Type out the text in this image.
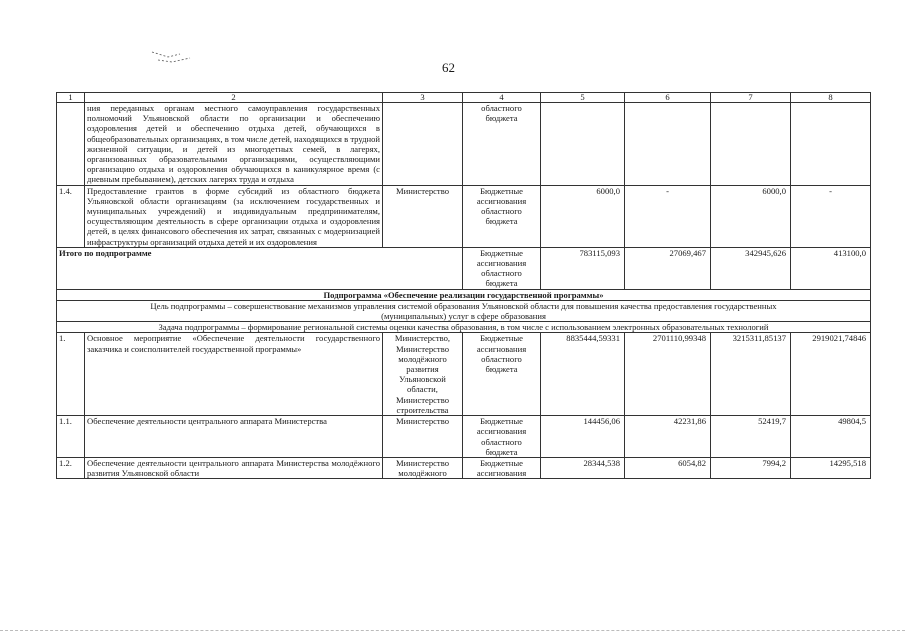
62
1	2	3	4	5	6	7	8
	ния переданных органам местного самоуправления государственных полномочий Ульяновской области по организации и обеспечению оздоровления детей и обеспечению отдыха детей, обучающихся в общеобразовательных организациях, в том числе детей, находящихся в трудной жизненной ситуации, и детей из многодетных семей, в лагерях, организованных образовательными организациями, осуществляющими организацию отдыха и оздоровления обучающихся в каникулярное время (с дневным пребыванием), детских лагерях труда и отдыха		областного бюджета				
1.4.	Предоставление грантов в форме субсидий из областного бюджета Ульяновской области организациям (за исключением государственных и муниципальных учреждений) и индивидуальным предпринимателям, осуществляющим деятельность в сфере организации отдыха и оздоровления детей, в целях финансового обеспечения их затрат, связанных с модернизацией инфраструктуры организаций отдыха детей и их оздоровления	Министерство	Бюджетные ассигнования областного бюджета	6000,0	-	6000,0	-
Итого по подпрограмме			Бюджетные ассигнования областного бюджета	783115,093	27069,467	342945,626	413100,0
Подпрограмма «Обеспечение реализации государственной программы»							
Цель подпрограммы – совершенствование механизмов управления системой образования Ульяновской области для повышения качества предоставления государственных (муниципальных) услуг в сфере образования							
Задача подпрограммы – формирование региональной системы оценки качества образования, в том числе с использованием электронных образовательных технологий							
1.	Основное мероприятие «Обеспечение деятельности государственного заказчика и соисполнителей государственной программы»	Министерство, Министерство молодёжного развития Ульяновской области, Министерство строительства	Бюджетные ассигнования областного бюджета	8835444,59331	2701110,99348	3215311,85137	2919021,74846
1.1.	Обеспечение деятельности центрального аппарата Министерства	Министерство	Бюджетные ассигнования областного бюджета	144456,06	42231,86	52419,7	49804,5
1.2.	Обеспечение деятельности центрального аппарата Министерства молодёжного развития Ульяновской области	Министерство молодёжного	Бюджетные ассигнования	28344,538	6054,82	7994,2	14295,518
